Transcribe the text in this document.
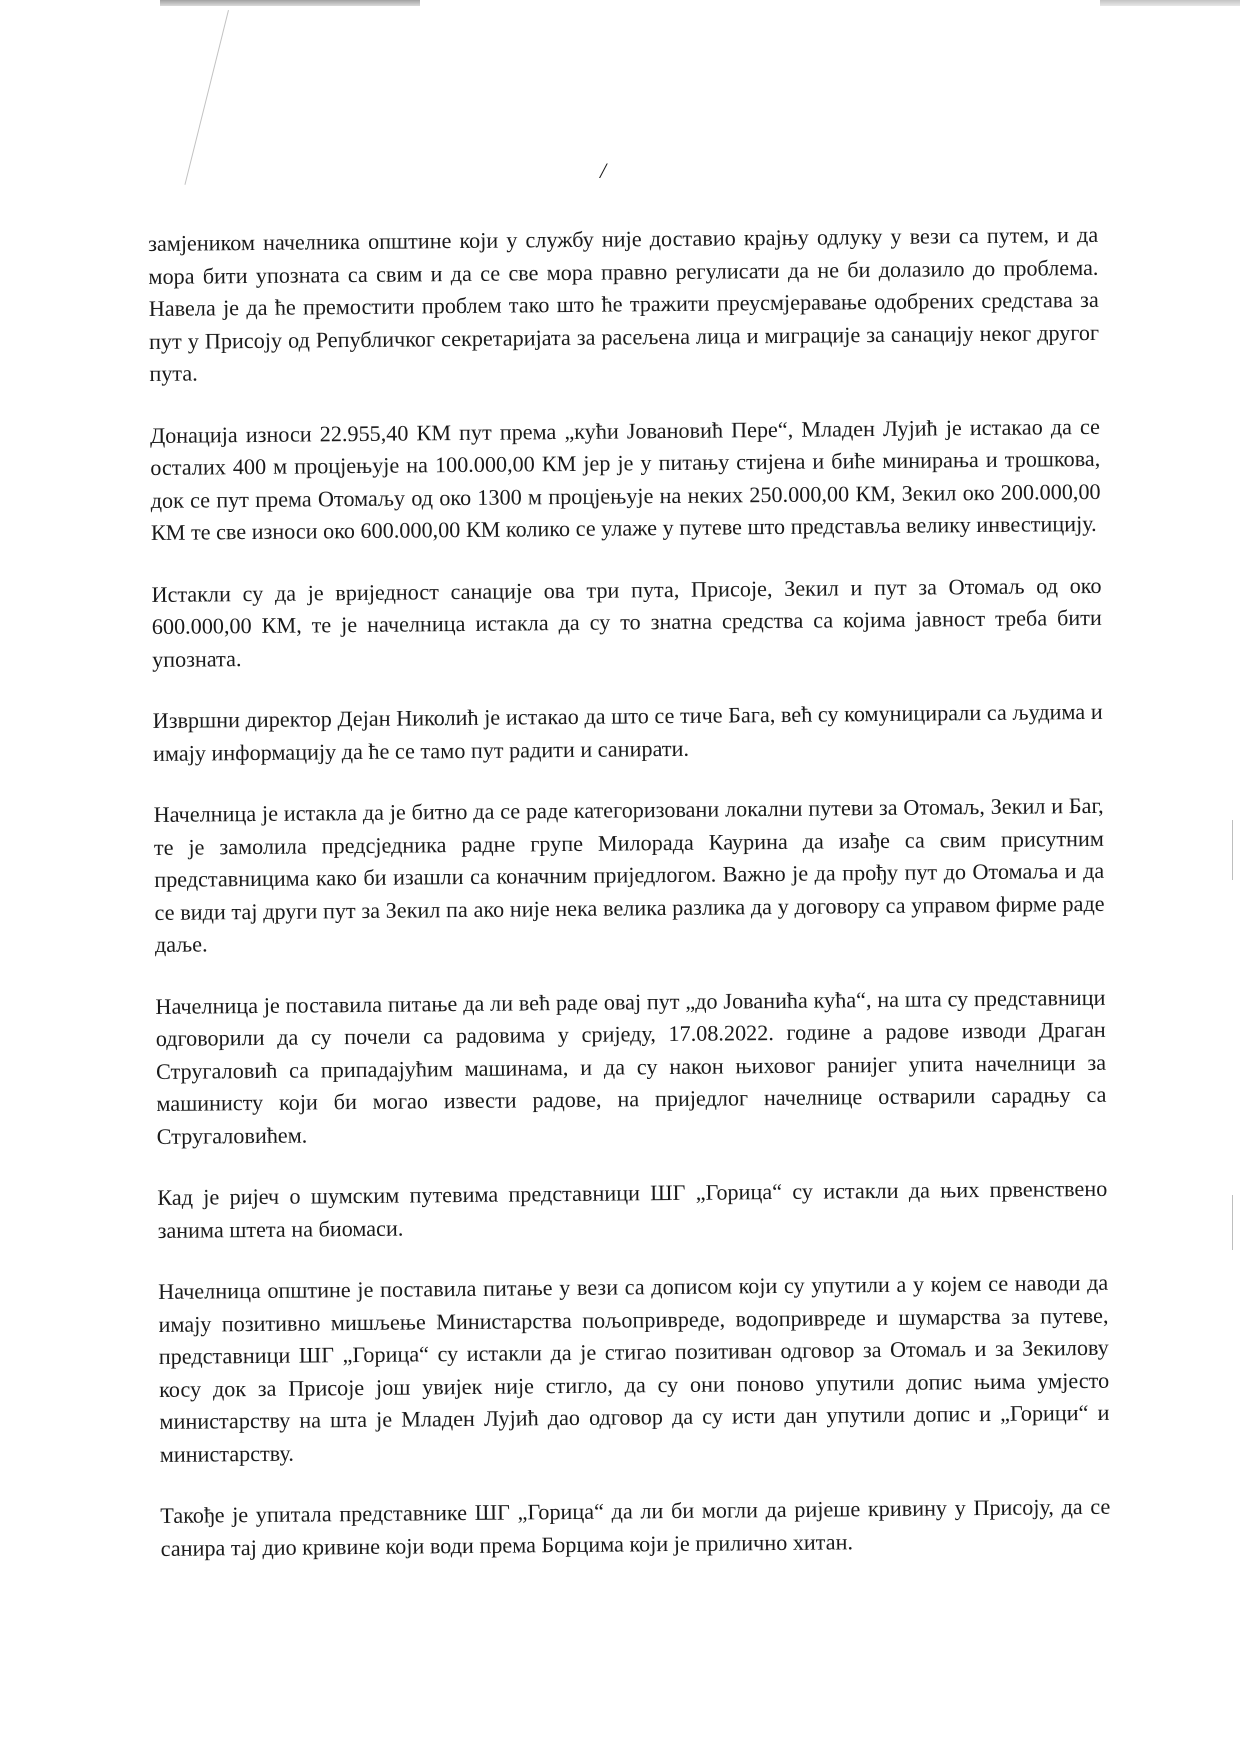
/

замјеником начелника општине који у службу није доставио крајњу одлуку у вези са путем, и да мора бити упозната са свим и да се све мора правно регулисати да не би долазило до проблема. Навела је да ће премостити проблем тако што ће тражити преусмјеравање одобрених средстава за пут у Присоју од Републичког секретаријата за расељена лица и миграције за санацију неког другог пута.

Донација износи 22.955,40 КМ пут према „кући Јовановић Пере“, Младен Лујић је истакао да се осталих 400 м процјењује на 100.000,00 КМ јер је у питању стијена и биће минирања и трошкова, док се пут према Отомаљу од око 1300 м процјењује на неких 250.000,00 КМ, Зекил око 200.000,00 КМ те све износи око 600.000,00 КМ колико се улаже у путеве што представља велику инвестицију.

Истакли су да је вриједност санације ова три пута, Присоје, Зекил и пут за Отомаљ од око 600.000,00 КМ, те је начелница истакла да су то знатна средства са којима јавност треба бити упозната.

Извршни директор Дејан Николић је истакао да што се тиче Бага, већ су комуницирали са људима и имају информацију да ће се тамо пут радити и санирати.

Начелница је истакла да је битно да се раде категоризовани локални путеви за Отомаљ, Зекил и Баг, те је замолила предсједника радне групе Милорада Каурина да изађе са свим присутним представницима како би изашли са коначним приједлогом. Важно је да прођу пут до Отомаља и да се види тај други пут за Зекил па ако није нека велика разлика да у договору са управом фирме раде даље.

Начелница је поставила питање да ли већ раде овај пут „до Јованића кућа“, на шта су представници одговорили да су почели са радовима у сриједу, 17.08.2022. године а радове изводи Драган Стругаловић са припадајућим машинама, и да су након њиховог ранијег упита начелници за машинисту који би могао извести радове, на приједлог начелнице остварили сарадњу са Стругаловићем.

Кад је ријеч о шумским путевима представници ШГ „Горица“ су истакли да њих првенствено занима штета на биомаси.

Начелница општине је поставила питање у вези са дописом који су упутили а у којем се наводи да имају позитивно мишљење Министарства пољопривреде, водопривреде и шумарства за путеве, представници ШГ „Горица“ су истакли да је стигао позитиван одговор за Отомаљ и за Зекилову косу док за Присоје још увијек није стигло, да су они поново упутили допис њима умјесто министарству на шта је Младен Лујић дао одговор да су исти дан упутили допис и „Горици“ и министарству.

Такође је упитала представнике ШГ „Горица“ да ли би могли да ријеше кривину у Присоју, да се санира тај дио кривине који води према Борцима који је прилично хитан.
